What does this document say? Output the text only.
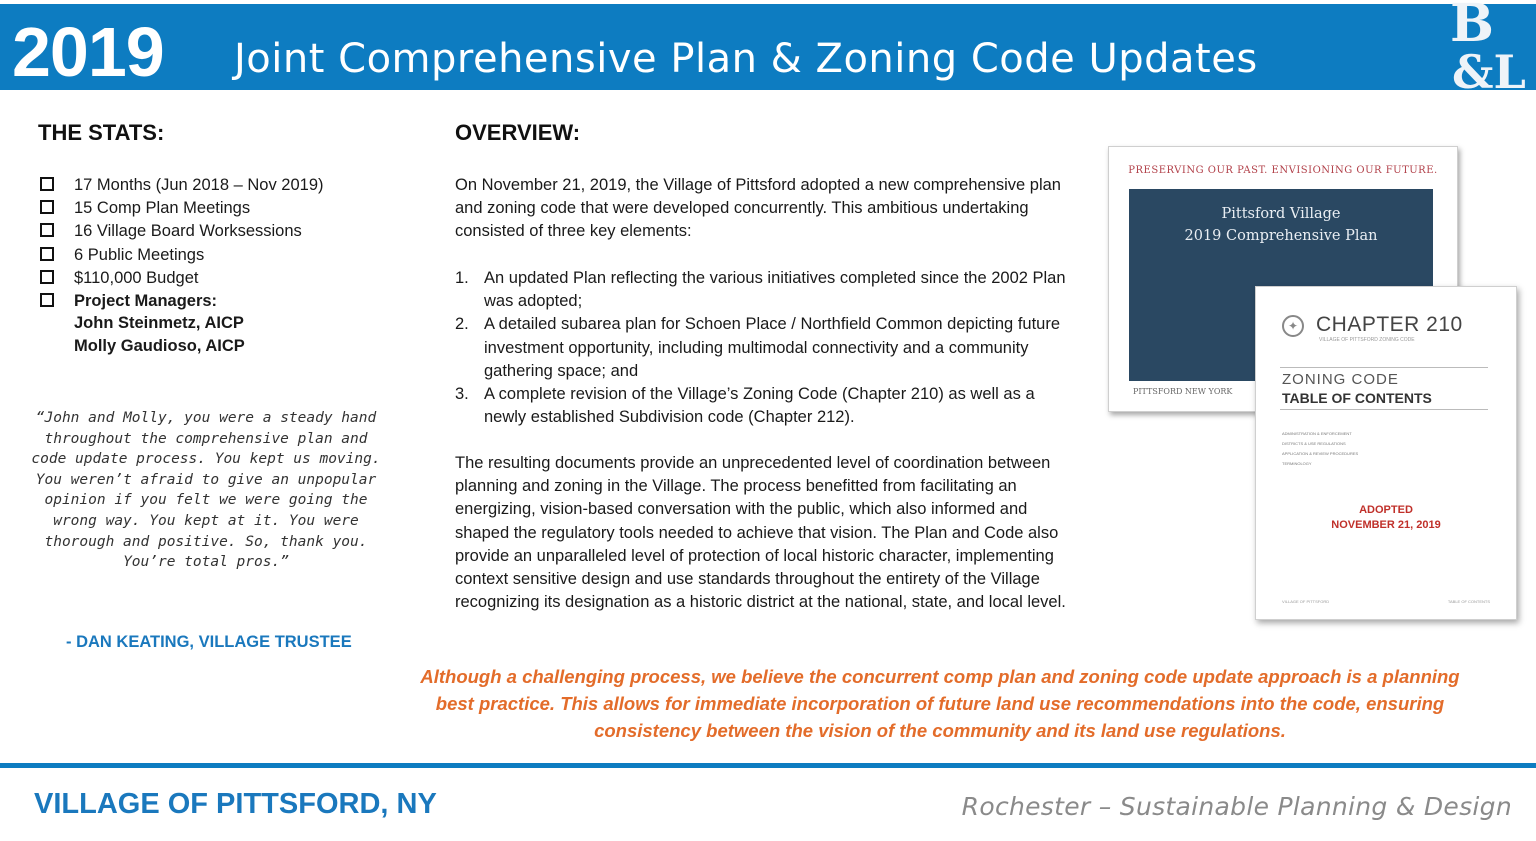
2019 Joint Comprehensive Plan & Zoning Code Updates
B
&L
THE STATS:
17 Months (Jun 2018 – Nov 2019)
15 Comp Plan Meetings
16 Village Board Worksessions
6 Public Meetings
$110,000 Budget
Project Managers:
John Steinmetz, AICP
Molly Gaudioso, AICP
“John and Molly, you were a steady hand throughout the comprehensive plan and code update process. You kept us moving. You weren’t afraid to give an unpopular opinion if you felt we were going the wrong way. You kept at it. You were thorough and positive. So, thank you. You’re total pros.”
- DAN KEATING, VILLAGE TRUSTEE
OVERVIEW:
On November 21, 2019, the Village of Pittsford adopted a new comprehensive plan and zoning code that were developed concurrently. This ambitious undertaking consisted of three key elements:
1. An updated Plan reflecting the various initiatives completed since the 2002 Plan was adopted;
2. A detailed subarea plan for Schoen Place / Northfield Common depicting future investment opportunity, including multimodal connectivity and a community gathering space; and
3. A complete revision of the Village’s Zoning Code (Chapter 210) as well as a newly established Subdivision code (Chapter 212).
The resulting documents provide an unprecedented level of coordination between planning and zoning in the Village. The process benefitted from facilitating an energizing, vision-based conversation with the public, which also informed and shaped the regulatory tools needed to achieve that vision. The Plan and Code also provide an unparalleled level of protection of local historic character, implementing context sensitive design and use standards throughout the entirety of the Village recognizing its designation as a historic district at the national, state, and local level.
PRESERVING OUR PAST. ENVISIONING OUR FUTURE.
Pittsford Village
2019 Comprehensive Plan
PITTSFORD NEW YORK
✦ CHAPTER 210
VILLAGE OF PITTSFORD ZONING CODE
ZONING CODE
TABLE OF CONTENTS
ADMINISTRATION & ENFORCEMENT
DISTRICTS & USE REGULATIONS
APPLICATION & REVIEW PROCEDURES
TERMINOLOGY
ADOPTED
NOVEMBER 21, 2019
VILLAGE OF PITTSFORD	TABLE OF CONTENTS
Although a challenging process, we believe the concurrent comp plan and zoning code update approach is a planning best practice. This allows for immediate incorporation of future land use recommendations into the code, ensuring consistency between the vision of the community and its land use regulations.
VILLAGE OF PITTSFORD, NY	Rochester – Sustainable Planning & Design
